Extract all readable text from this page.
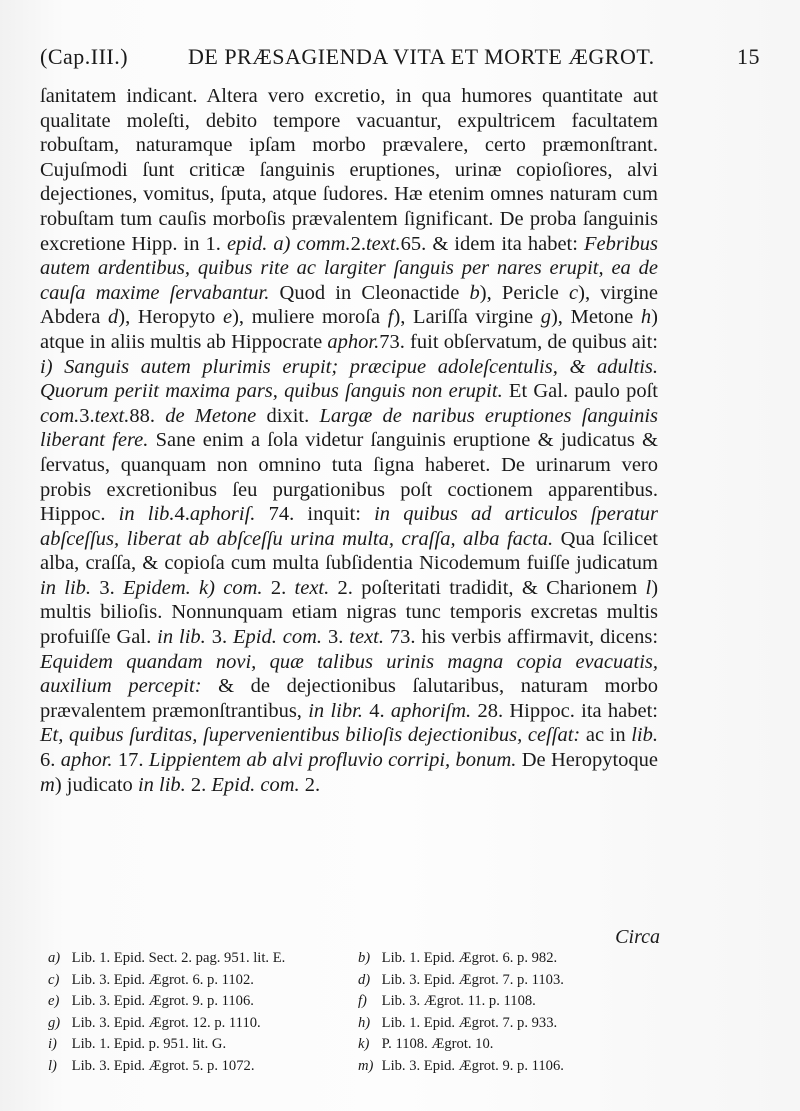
(Cap.III.)	DE PRÆSAGIENDA VITA ET MORTE ÆGROT.	15

ſanitatem indicant. Altera vero excretio, in qua humores quantitate aut qualitate moleſti, debito tempore vacuantur, expultricem facultatem robuſtam, naturamque ipſam morbo prævalere, certo præmonſtrant. Cujuſmodi ſunt criticæ ſanguinis eruptiones, urinæ copioſiores, alvi dejectiones, vomitus, ſputa, atque ſudores. Hæ etenim omnes naturam cum robuſtam tum cauſis morboſis prævalentem ſignificant. De proba ſanguinis excretione Hipp. in 1. epid. a) comm.2.text.65. & idem ita habet: Febribus autem ardentibus, quibus rite ac largiter ſanguis per nares erupit, ea de cauſa maxime ſervabantur. Quod in Cleonactide b), Pericle c), virgine Abdera d), Heropyto e), muliere moroſa f), Lariſſa virgine g), Metone h) atque in aliis multis ab Hippocrate aphor.73. fuit obſervatum, de quibus ait: i) Sanguis autem plurimis erupit; præcipue adoleſcentulis, & adultis. Quorum periit maxima pars, quibus ſanguis non erupit. Et Gal. paulo poſt com.3.text.88. de Metone dixit. Largæ de naribus eruptiones ſanguinis liberant fere. Sane enim a ſola videtur ſanguinis eruptione & judicatus & ſervatus, quanquam non omnino tuta ſigna haberet. De urinarum vero probis excretionibus ſeu purgationibus poſt coctionem apparentibus. Hippoc. in lib.4.aphoriſ. 74. inquit: in quibus ad articulos ſperatur abſceſſus, liberat ab abſceſſu urina multa, craſſa, alba facta. Qua ſcilicet alba, craſſa, & copioſa cum multa ſubſidentia Nicodemum fuiſſe judicatum in lib. 3. Epidem. k) com. 2. text. 2. poſteritati tradidit, & Charionem l) multis bilioſis. Nonnunquam etiam nigras tunc temporis excretas multis profuiſſe Gal. in lib. 3. Epid. com. 3. text. 73. his verbis affirmavit, dicens: Equidem quandam novi, quæ talibus urinis magna copia evacuatis, auxilium percepit: & de dejectionibus ſalutaribus, naturam morbo prævalentem præmonſtrantibus, in libr. 4. aphoriſm. 28. Hippoc. ita habet: Et, quibus ſurditas, ſupervenientibus bilioſis dejectionibus, ceſſat: ac in lib. 6. aphor. 17. Lippientem ab alvi profluvio corripi, bonum. De Heropytoque m) judicato in lib. 2. Epid. com. 2.

Circa
a) Lib. 1. Epid. Sect. 2. pag. 951. lit. E.	b) Lib. 1. Epid. Ægrot. 6. p. 982.
c) Lib. 3. Epid. Ægrot. 6. p. 1102.	d) Lib. 3. Epid. Ægrot. 7. p. 1103.
e) Lib. 3. Epid. Ægrot. 9. p. 1106.	f) Lib. 3. Ægrot. 11. p. 1108.
g) Lib. 3. Epid. Ægrot. 12. p. 1110.	h) Lib. 1. Epid. Ægrot. 7. p. 933.
i) Lib. 1. Epid. p. 951. lit. G.	k) P. 1108. Ægrot. 10.
l) Lib. 3. Epid. Ægrot. 5. p. 1072.	m) Lib. 3. Epid. Ægrot. 9. p. 1106.
